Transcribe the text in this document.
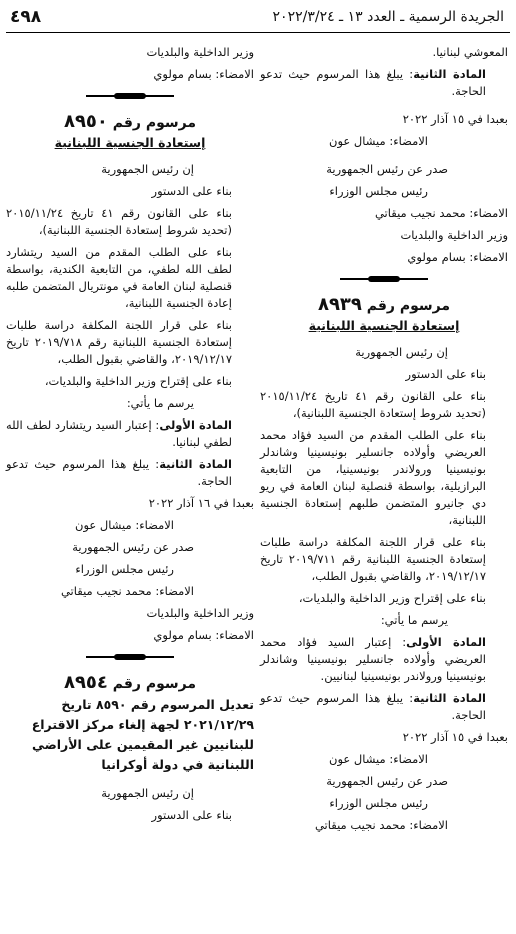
الجريدة الرسمية ـ العدد ١٣ ـ ٢٠٢٢/٣/٢٤
٤٩٨

المعوشي لبنانيا.

المادة الثانية: يبلغ هذا المرسوم حيث تدعو الحاجة.

بعبدا في ١٥ آذار ٢٠٢٢

الامضاء: ميشال عون

صدر عن رئيس الجمهورية

رئيس مجلس الوزراء

الامضاء: محمد نجيب ميقاتي

وزير الداخلية والبلديات

الامضاء: بسام مولوي

مرسوم رقم ٨٩٣٩
إستعادة الجنسية اللبنانية

إن رئيس الجمهورية

بناء على الدستور

بناء على القانون رقم ٤١ تاريخ ٢٠١٥/١١/٢٤ (تحديد شروط إستعادة الجنسية اللبنانية)،

بناء على الطلب المقدم من السيد فؤاد محمد العريضي وأولاده جانسلير بونيسينيا وشاندلر بونيسينيا ورولاندر بونيسينيا، من التابعية البرازيلية، بواسطة قنصلية لبنان العامة في ريو دي جانيرو المتضمن طلبهم إستعادة الجنسية اللبنانية،

بناء على قرار اللجنة المكلفة دراسة طلبات إستعادة الجنسية اللبنانية رقم ٢٠١٩/٧١١ تاريخ ٢٠١٩/١٢/١٧، والقاضي بقبول الطلب،

بناء على إقتراح وزير الداخلية والبلديات،

يرسم ما يأتي:

المادة الأولى: إعتبار السيد فؤاد محمد العريضي وأولاده جانسلير بونيسينيا وشاندلر بونيسينيا ورولاندر بونيسينيا لبنانيين.

المادة الثانية: يبلغ هذا المرسوم حيث تدعو الحاجة.

بعبدا في ١٥ آذار ٢٠٢٢

الامضاء: ميشال عون

صدر عن رئيس الجمهورية

رئيس مجلس الوزراء

الامضاء: محمد نجيب ميقاتي

وزير الداخلية والبلديات

الامضاء: بسام مولوي

مرسوم رقم ٨٩٥٠
إستعادة الجنسية اللبنانية

إن رئيس الجمهورية

بناء على الدستور

بناء على القانون رقم ٤١ تاريخ ٢٠١٥/١١/٢٤ (تحديد شروط إستعادة الجنسية اللبنانية)،

بناء على الطلب المقدم من السيد ريتشارد لطف الله لطفي، من التابعية الكندية، بواسطة قنصلية لبنان العامة في مونتريال المتضمن طلبه إعادة الجنسية اللبنانية،

بناء على قرار اللجنة المكلفة دراسة طلبات إستعادة الجنسية اللبنانية رقم ٢٠١٩/٧١٨ تاريخ ٢٠١٩/١٢/١٧، والقاضي بقبول الطلب،

بناء على إقتراح وزير الداخلية والبلديات،

يرسم ما يأتي:

المادة الأولى: إعتبار السيد ريتشارد لطف الله لطفي لبنانيا.

المادة الثانية: يبلغ هذا المرسوم حيث تدعو الحاجة.

بعبدا في ١٦ آذار ٢٠٢٢

الامضاء: ميشال عون

صدر عن رئيس الجمهورية

رئيس مجلس الوزراء

الامضاء: محمد نجيب ميقاتي

وزير الداخلية والبلديات

الامضاء: بسام مولوي

مرسوم رقم ٨٩٥٤
تعديل المرسوم رقم ٨٥٩٠ تاريخ ٢٠٢١/١٢/٢٩ لجهة إلغاء مركز الاقتراع للبنانيين غير المقيمين على الأراضي اللبنانية في دولة أوكرانيا

إن رئيس الجمهورية

بناء على الدستور
